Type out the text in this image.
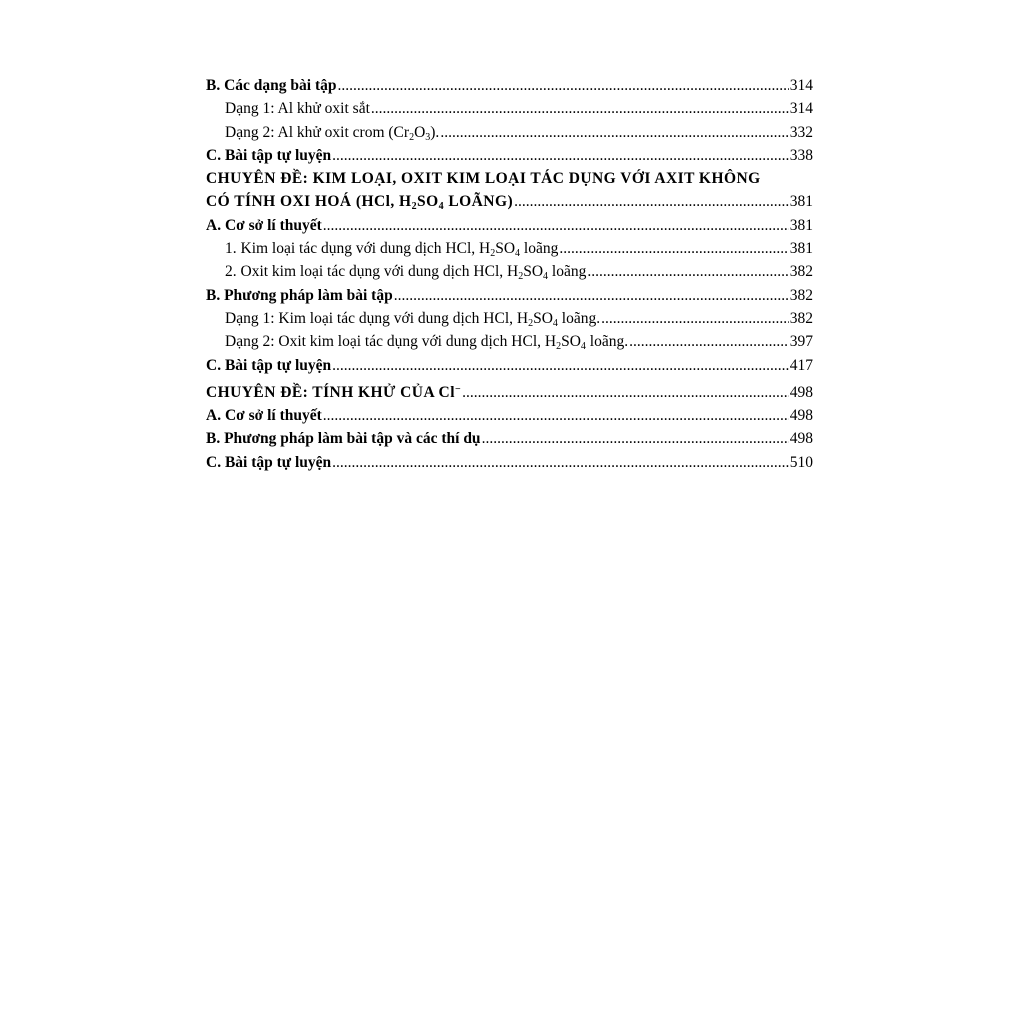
B. Các dạng bài tập .....	314
Dạng 1: Al khử oxit sắt .....	314
Dạng 2: Al khử oxit crom $(Cr_2O_3)$. .....	332
C. Bài tập tự luyện .....	338
CHUYÊN ĐỀ: KIM LOẠI, OXIT KIM LOẠI TÁC DỤNG VỚI AXIT KHÔNG
CÓ TÍNH OXI HOÁ (HCl, $H_2SO_4$ LOÃNG) .....	381
A. Cơ sở lí thuyết .....	381
1. Kim loại tác dụng với dung dịch HCl, $H_2SO_4$ loãng .....	381
2. Oxit kim loại tác dụng với dung dịch HCl, $H_2SO_4$ loãng .....	382
B. Phương pháp làm bài tập .....	382
Dạng 1: Kim loại tác dụng với dung dịch HCl, $H_2SO_4$ loãng. .....	382
Dạng 2: Oxit kim loại tác dụng với dung dịch HCl, $H_2SO_4$ loãng. .....	397
C. Bài tập tự luyện .....	417
CHUYÊN ĐỀ: TÍNH KHỬ CỦA Cl− .....	498
A. Cơ sở lí thuyết .....	498
B. Phương pháp làm bài tập và các thí dụ .....	498
C. Bài tập tự luyện .....	510
